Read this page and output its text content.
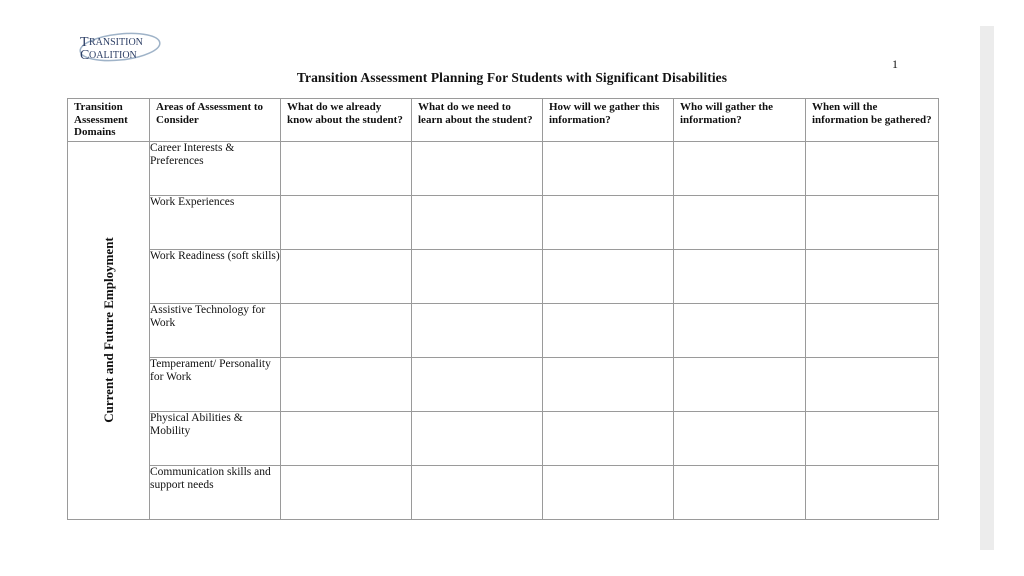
T RANSITION
C OALITION
1
Transition Assessment Planning For Students with Significant Disabilities
Transition Assessment Domains	Areas of Assessment to Consider	What do we already know about the student?	What do we need to learn about the student?	How will we gather this information?	Who will gather the information?	When will the information be gathered?

Current and Future Employment	Career Interests & Preferences					
	Work Experiences					
	Work Readiness (soft skills)					
	Assistive Technology for Work					
	Temperament/ Personality for Work					
	Physical Abilities & Mobility					
	Communication skills and support needs					
